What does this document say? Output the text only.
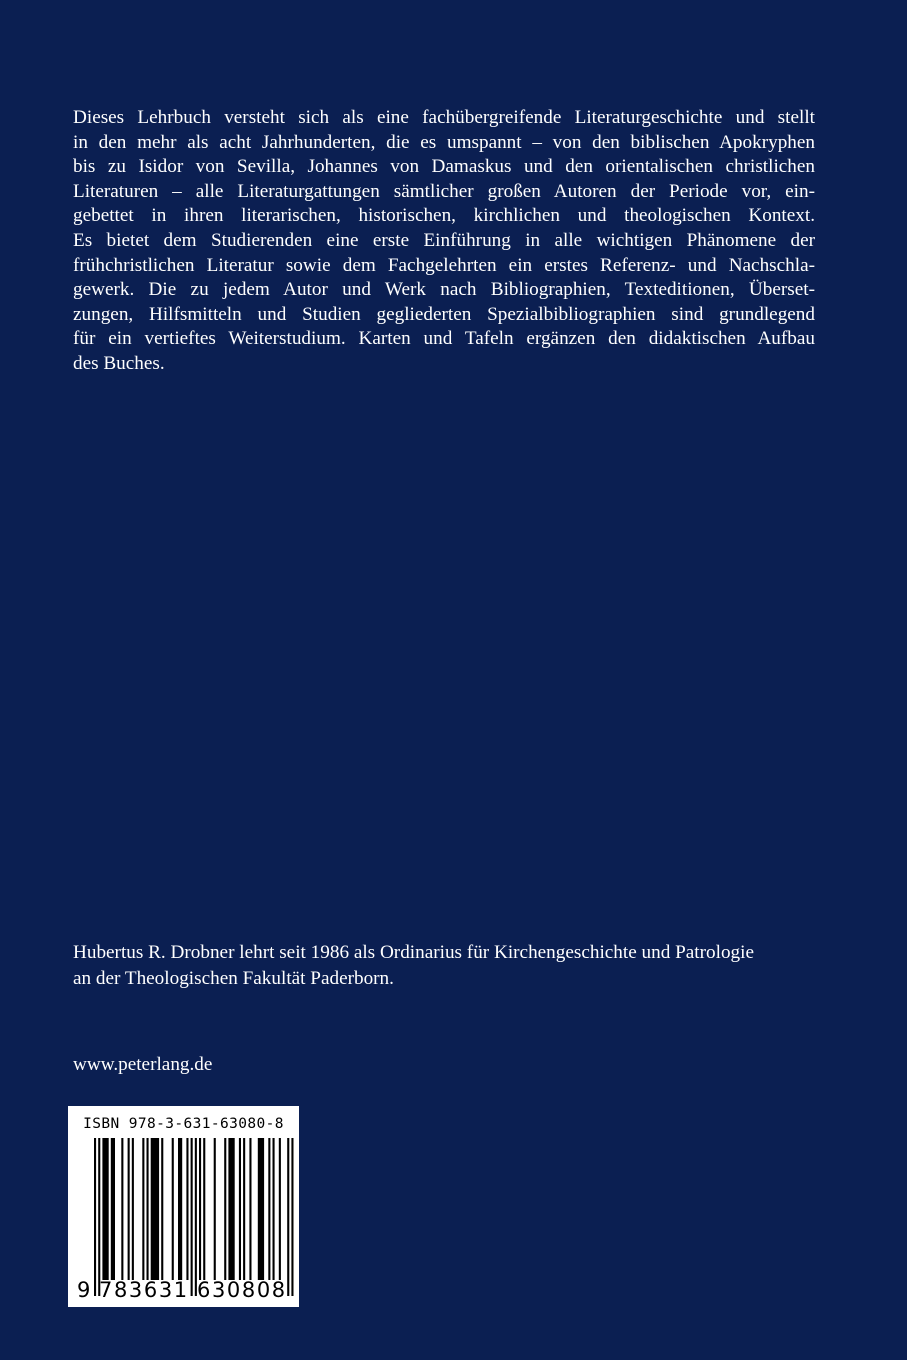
Dieses Lehrbuch versteht sich als eine fachübergreifende Literaturgeschichte und stellt
in den mehr als acht Jahrhunderten, die es umspannt – von den biblischen Apokryphen
bis zu Isidor von Sevilla, Johannes von Damaskus und den orientalischen christlichen
Literaturen – alle Literaturgattungen sämtlicher großen Autoren der Periode vor, ein-
gebettet in ihren literarischen, historischen, kirchlichen und theologischen Kontext.
Es bietet dem Studierenden eine erste Einführung in alle wichtigen Phänomene der
frühchristlichen Literatur sowie dem Fachgelehrten ein erstes Referenz- und Nachschla-
gewerk. Die zu jedem Autor und Werk nach Bibliographien, Texteditionen, Überset-
zungen, Hilfsmitteln und Studien gegliederten Spezialbibliographien sind grundlegend
für ein vertieftes Weiterstudium. Karten und Tafeln ergänzen den didaktischen Aufbau
des Buches.
Hubertus R. Drobner lehrt seit 1986 als Ordinarius für Kirchengeschichte und Patrologie
an der Theologischen Fakultät Paderborn.
www.peterlang.de
ISBN 978-3-631-63080-8
9 783631 630808
